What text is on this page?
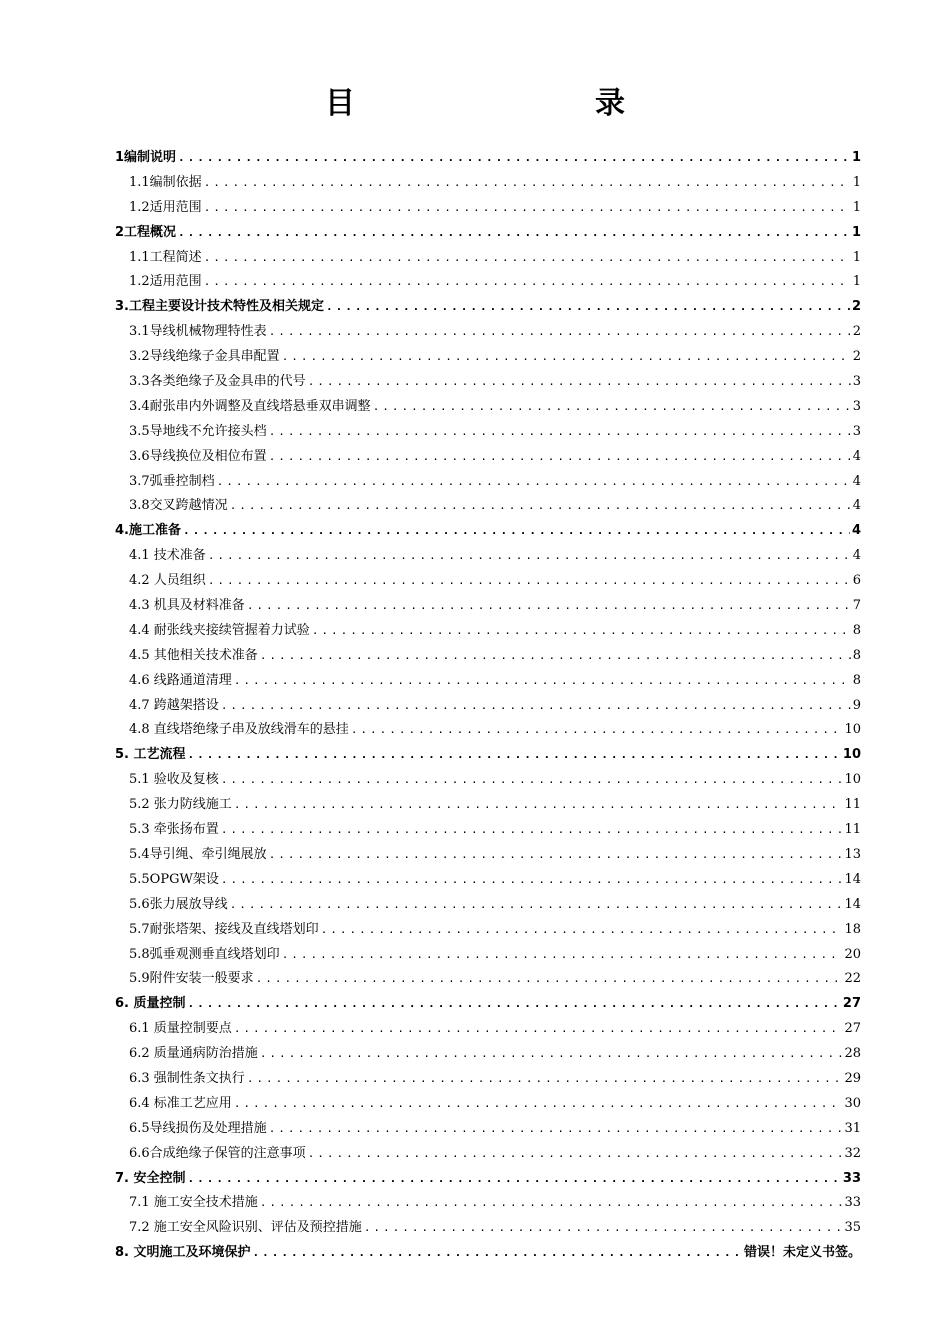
目　　录
1编制说明 .....	1
1.1编制依据 .....	1
1.2适用范围 .....	1
2工程概况 .....	1
1.1工程简述 .....	1
1.2适用范围 .....	1
3.工程主要设计技术特性及相关规定 .....	2
3.1导线机械物理特性表 .....	2
3.2导线绝缘子金具串配置 .....	2
3.3各类绝缘子及金具串的代号 .....	3
3.4耐张串内外调整及直线塔悬垂双串调整 .....	3
3.5导地线不允许接头档 .....	3
3.6导线换位及相位布置 .....	4
3.7弧垂控制档 .....	4
3.8交叉跨越情况 .....	4
4.施工准备 .....	4
4.1 技术准备 .....	4
4.2 人员组织 .....	6
4.3 机具及材料准备 .....	7
4.4 耐张线夹接续管握着力试验 .....	8
4.5 其他相关技术准备 .....	8
4.6 线路通道清理 .....	8
4.7 跨越架搭设 .....	9
4.8 直线塔绝缘子串及放线滑车的悬挂 .....	10
5. 工艺流程 .....	10
5.1 验收及复核 .....	10
5.2 张力防线施工 .....	11
5.3 牵张扬布置 .....	11
5.4导引绳、牵引绳展放 .....	13
5.5OPGW架设 .....	14
5.6张力展放导线 .....	14
5.7耐张塔架、接线及直线塔划印 .....	18
5.8弧垂观测垂直线塔划印 .....	20
5.9附件安装一般要求 .....	22
6. 质量控制 .....	27
6.1 质量控制要点 .....	27
6.2 质量通病防治措施 .....	28
6.3 强制性条文执行 .....	29
6.4 标准工艺应用 .....	30
6.5导线损伤及处理措施 .....	31
6.6合成绝缘子保管的注意事项 .....	32
7. 安全控制 .....	33
7.1 施工安全技术措施 .....	33
7.2 施工安全风险识别、评估及预控措施 .....	35
8. 文明施工及环境保护 .....	错误！未定义书签。
